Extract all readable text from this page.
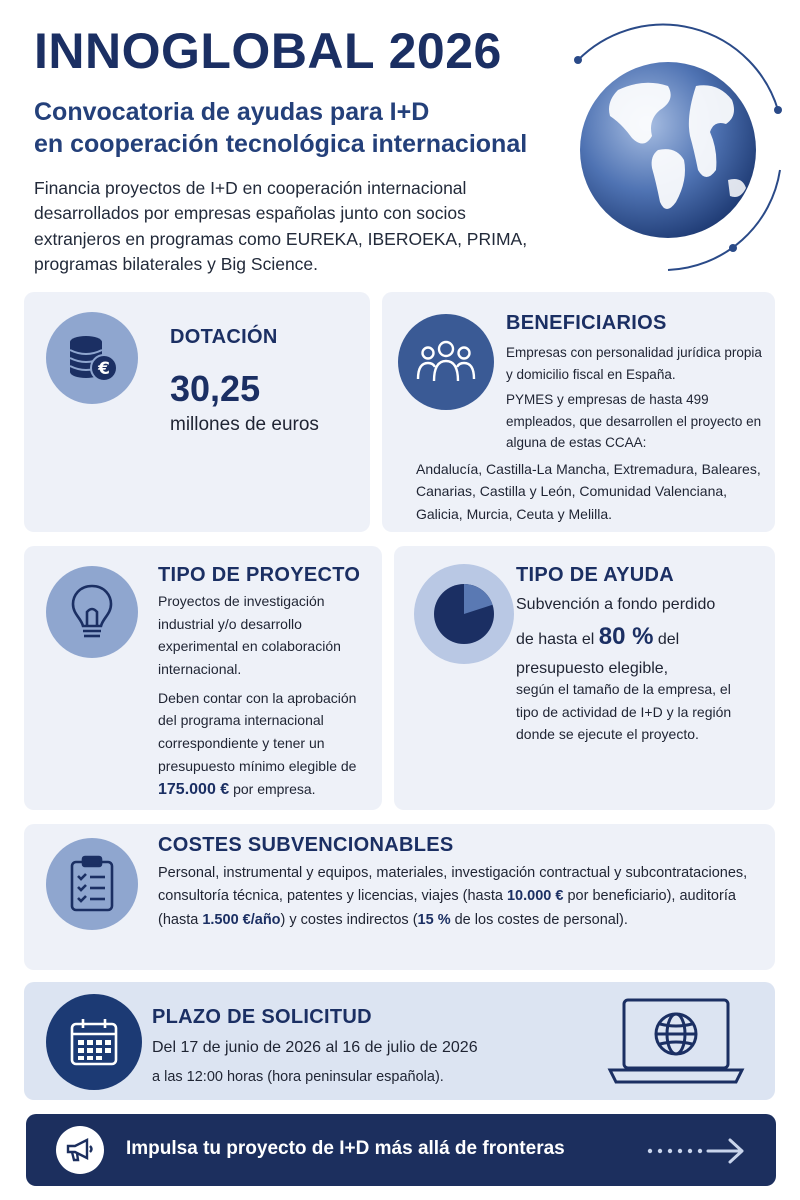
INNOGLOBAL 2026
Convocatoria de ayudas para I+D
en cooperación tecnológica internacional

Financia proyectos de I+D en cooperación internacional desarrollados por empresas españolas junto con socios extranjeros en programas como EUREKA, IBEROEKA, PRIMA, programas bilaterales y Big Science.

€
DOTACIÓN
30,25
millones de euros
BENEFICIARIOS

Empresas con personalidad jurídica propia y domicilio fiscal en España.

PYMES y empresas de hasta 499 empleados, que desarrollen el proyecto en alguna de estas CCAA:

Andalucía, Castilla-La Mancha, Extremadura, Baleares, Canarias, Castilla y León, Comunidad Valenciana, Galicia, Murcia, Ceuta y Melilla.
TIPO DE PROYECTO

Proyectos de investigación industrial y/o desarrollo experimental en colaboración internacional.

Deben contar con la aprobación del programa internacional correspondiente y tener un presupuesto mínimo elegible de 175.000 € por empresa.

TIPO DE AYUDA
Subvención a fondo perdido
de hasta el 80 % del
presupuesto elegible,
según el tamaño de la empresa, el tipo de actividad de I+D y la región donde se ejecute el proyecto.
COSTES SUBVENCIONABLES

Personal, instrumental y equipos, materiales, investigación contractual y subcontrataciones, consultoría técnica, patentes y licencias, viajes (hasta 10.000 € por beneficiario), auditoría (hasta 1.500 €/año) y costes indirectos (15 % de los costes de personal).

PLAZO DE SOLICITUD
Del 17 de junio de 2026 al 16 de julio de 2026
a las 12:00 horas (hora peninsular española).
Impulsa tu proyecto de I+D más allá de fronteras
